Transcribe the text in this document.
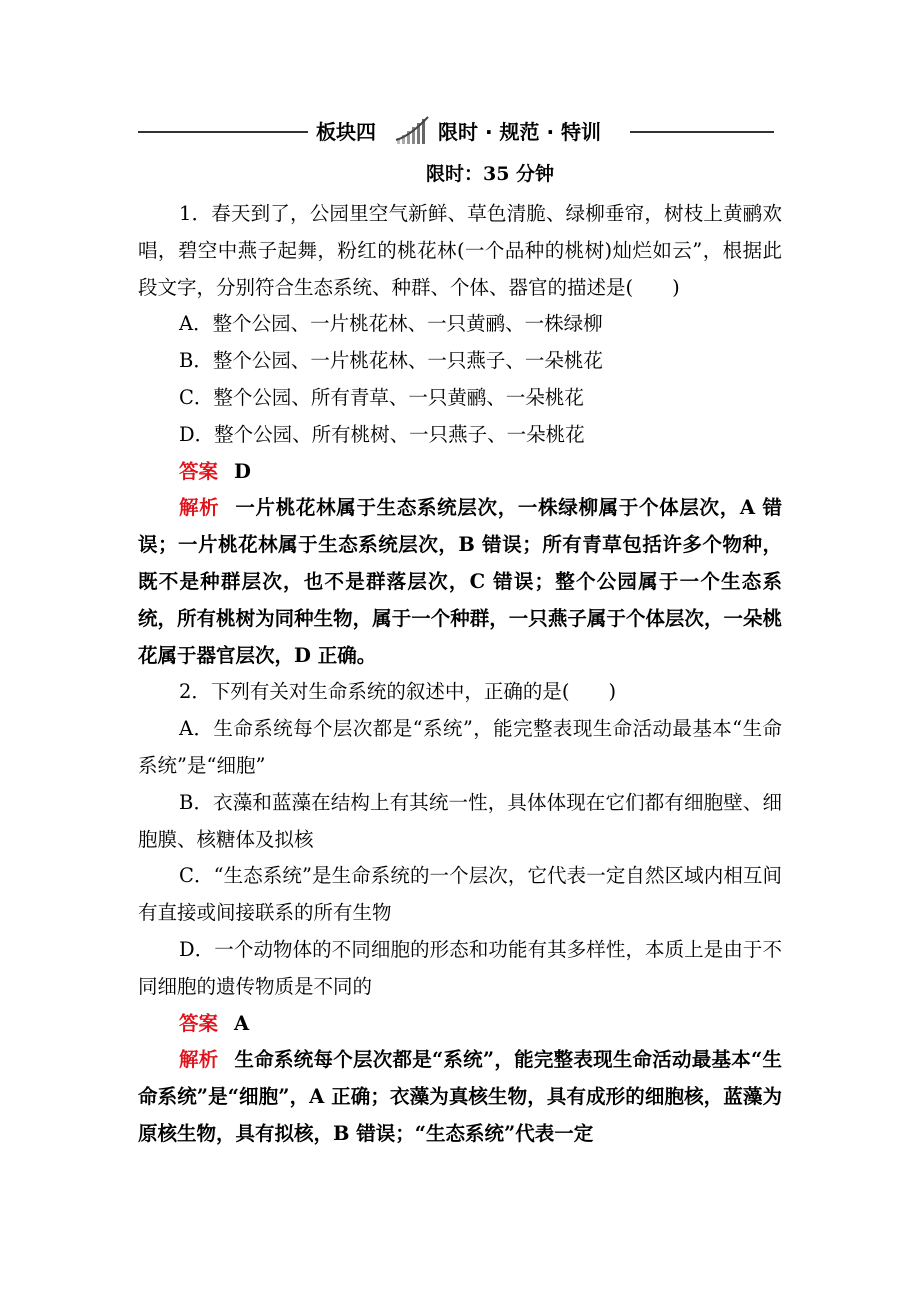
板块四	限时 · 规范 · 特训
限时：35 分钟

1．春天到了，公园里空气新鲜、草色清脆、绿柳垂帘，树枝上黄鹂欢唱，碧空中燕子起舞，粉红的桃花林(一个品种的桃树)灿烂如云”，根据此段文字，分别符合生态系统、种群、个体、器官的描述是(　　)

A．整个公园、一片桃花林、一只黄鹂、一株绿柳

B．整个公园、一片桃花林、一只燕子、一朵桃花

C．整个公园、所有青草、一只黄鹂、一朵桃花

D．整个公园、所有桃树、一只燕子、一朵桃花

答案 D

解析 一片桃花林属于生态系统层次，一株绿柳属于个体层次，A 错误；一片桃花林属于生态系统层次，B 错误；所有青草包括许多个物种，既不是种群层次，也不是群落层次，C 错误；整个公园属于一个生态系统，所有桃树为同种生物，属于一个种群，一只燕子属于个体层次，一朵桃花属于器官层次，D 正确。

2．下列有关对生命系统的叙述中，正确的是(　　)

A．生命系统每个层次都是“系统”，能完整表现生命活动最基本“生命系统”是“细胞”

B．衣藻和蓝藻在结构上有其统一性，具体体现在它们都有细胞壁、细胞膜、核糖体及拟核

C．“生态系统”是生命系统的一个层次，它代表一定自然区域内相互间有直接或间接联系的所有生物

D．一个动物体的不同细胞的形态和功能有其多样性，本质上是由于不同细胞的遗传物质是不同的

答案 A

解析 生命系统每个层次都是“系统”，能完整表现生命活动最基本“生命系统”是“细胞”，A 正确；衣藻为真核生物，具有成形的细胞核，蓝藻为原核生物，具有拟核，B 错误；“生态系统”代表一定
